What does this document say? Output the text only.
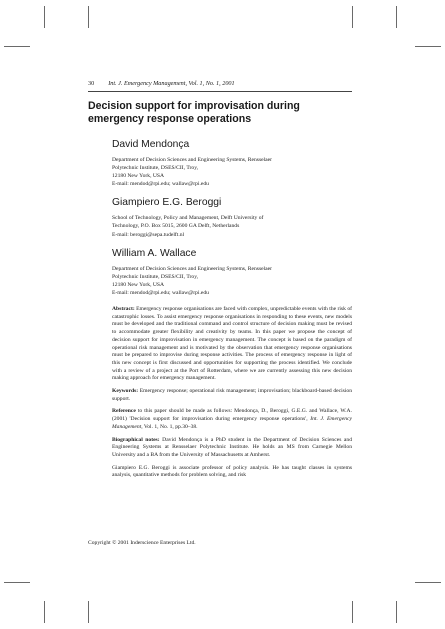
30 Int. J. Emergency Management, Vol. 1, No. 1, 2001
Decision support for improvisation during emergency response operations
David Mendonça
Department of Decision Sciences and Engineering Systems, Rensselaer
Polytechnic Institute, DSES/CII, Troy,
12180 New York, USA
E-mail: mendod@rpi.edu; wallaw@rpi.edu
Giampiero E.G. Beroggi
School of Technology, Policy and Management, Delft University of
Technology, P.O. Box 5015, 2600 GA Delft, Netherlands
E-mail: beroggi@sepa.tudelft.nl
William A. Wallace
Department of Decision Sciences and Engineering Systems, Rensselaer
Polytechnic Institute, DSES/CII, Troy,
12180 New York, USA
E-mail: mendod@rpi.edu; wallaw@rpi.edu

Abstract: Emergency response organisations are faced with complex, unpredictable events with the risk of catastrophic losses. To assist emergency response organisations in responding to these events, new models must be developed and the traditional command and control structure of decision making must be revised to accommodate greater flexibility and creativity by teams. In this paper we propose the concept of decision support for improvisation in emergency management. The concept is based on the paradigm of operational risk management and is motivated by the observation that emergency response organisations must be prepared to improvise during response activities. The process of emergency response in light of this new concept is first discussed and opportunities for supporting the process identified. We conclude with a review of a project at the Port of Rotterdam, where we are currently assessing this new decision making approach for emergency management.

Keywords: Emergency response; operational risk management; improvisation; blackboard-based decision support.

Reference to this paper should be made as follows: Mendonça, D., Beroggi, G.E.G. and Wallace, W.A. (2001) 'Decision support for improvisation during emergency response operations', Int. J. Emergency Management, Vol. 1, No. 1, pp.30–38.

Biographical notes: David Mendonça is a PhD student in the Department of Decision Sciences and Engineering Systems at Rensselaer Polytechnic Institute. He holds an MS from Carnegie Mellon University and a BA from the University of Massachusetts at Amherst.

Giampiero E.G. Beroggi is associate professor of policy analysis. He has taught classes in systems analysis, quantitative methods for problem solving, and risk

Copyright © 2001 Inderscience Enterprises Ltd.
